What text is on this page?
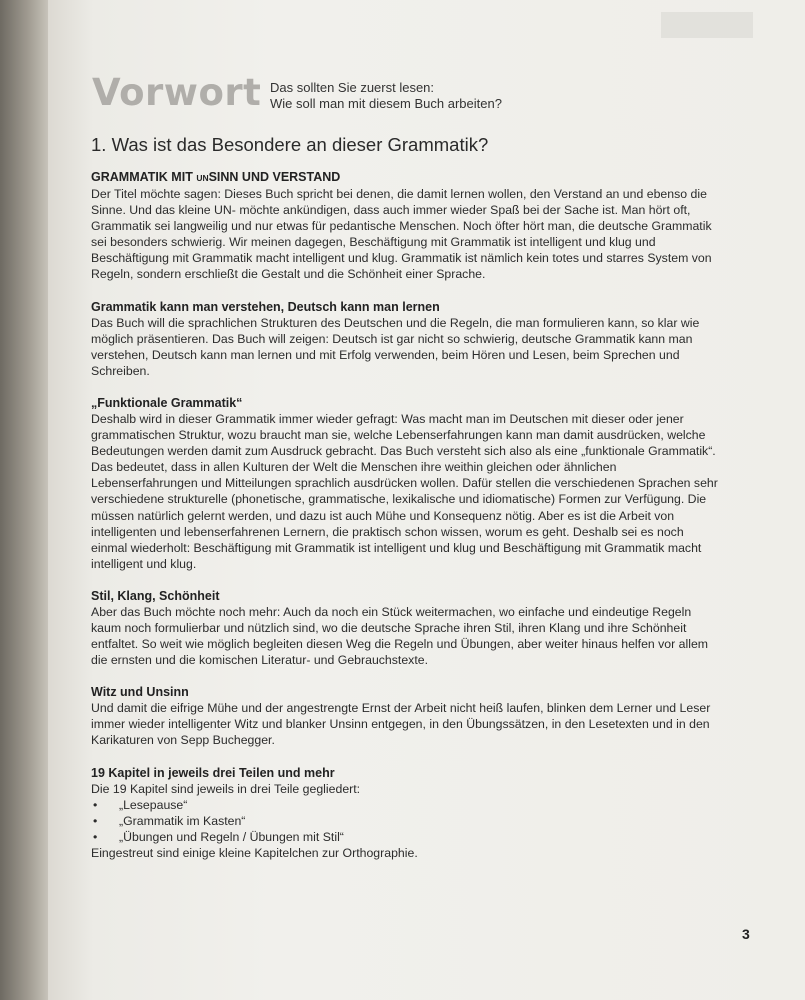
Vorwort Das sollten Sie zuerst lesen:
Wie soll man mit diesem Buch arbeiten?
1. Was ist das Besondere an dieser Grammatik?
GRAMMATIK MIT UNSINN UND VERSTAND

Der Titel möchte sagen: Dieses Buch spricht bei denen, die damit lernen wollen, den Verstand an und ebenso die Sinne. Und das kleine UN- möchte ankündigen, dass auch immer wieder Spaß bei der Sache ist. Man hört oft, Grammatik sei langweilig und nur etwas für pedantische Menschen. Noch öfter hört man, die deutsche Grammatik sei besonders schwierig. Wir meinen dagegen, Beschäftigung mit Grammatik ist intelligent und klug und Beschäftigung mit Grammatik macht intelligent und klug. Grammatik ist nämlich kein totes und starres System von Regeln, sondern erschließt die Gestalt und die Schönheit einer Sprache.

Grammatik kann man verstehen, Deutsch kann man lernen

Das Buch will die sprachlichen Strukturen des Deutschen und die Regeln, die man formulieren kann, so klar wie möglich präsentieren. Das Buch will zeigen: Deutsch ist gar nicht so schwierig, deutsche Grammatik kann man verstehen, Deutsch kann man lernen und mit Erfolg verwenden, beim Hören und Lesen, beim Sprechen und Schreiben.

„Funktionale Grammatik“

Deshalb wird in dieser Grammatik immer wieder gefragt: Was macht man im Deutschen mit dieser oder jener grammatischen Struktur, wozu braucht man sie, welche Lebenserfahrungen kann man damit ausdrücken, welche Bedeutungen werden damit zum Ausdruck gebracht. Das Buch versteht sich also als eine „funktionale Grammatik“. Das bedeutet, dass in allen Kulturen der Welt die Menschen ihre weithin gleichen oder ähnlichen Lebenserfahrungen und Mitteilungen sprachlich ausdrücken wollen. Dafür stellen die verschiedenen Sprachen sehr verschiedene strukturelle (phonetische, grammatische, lexikalische und idiomatische) Formen zur Verfügung. Die müssen natürlich gelernt werden, und dazu ist auch Mühe und Konsequenz nötig. Aber es ist die Arbeit von intelligenten und lebenserfahrenen Lernern, die praktisch schon wissen, worum es geht. Deshalb sei es noch einmal wiederholt: Beschäftigung mit Grammatik ist intelligent und klug und Beschäftigung mit Grammatik macht intelligent und klug.

Stil, Klang, Schönheit

Aber das Buch möchte noch mehr: Auch da noch ein Stück weitermachen, wo einfache und eindeutige Regeln kaum noch formulierbar und nützlich sind, wo die deutsche Sprache ihren Stil, ihren Klang und ihre Schönheit entfaltet. So weit wie möglich begleiten diesen Weg die Regeln und Übungen, aber weiter hinaus helfen vor allem die ernsten und die komischen Literatur- und Gebrauchstexte.

Witz und Unsinn

Und damit die eifrige Mühe und der angestrengte Ernst der Arbeit nicht heiß laufen, blinken dem Lerner und Leser immer wieder intelligenter Witz und blanker Unsinn entgegen, in den Übungssätzen, in den Lesetexten und in den Karikaturen von Sepp Buchegger.

19 Kapitel in jeweils drei Teilen und mehr

Die 19 Kapitel sind jeweils in drei Teile gegliedert:

• „Lesepause“
• „Grammatik im Kasten“
• „Übungen und Regeln / Übungen mit Stil“

Eingestreut sind einige kleine Kapitelchen zur Orthographie.

3
